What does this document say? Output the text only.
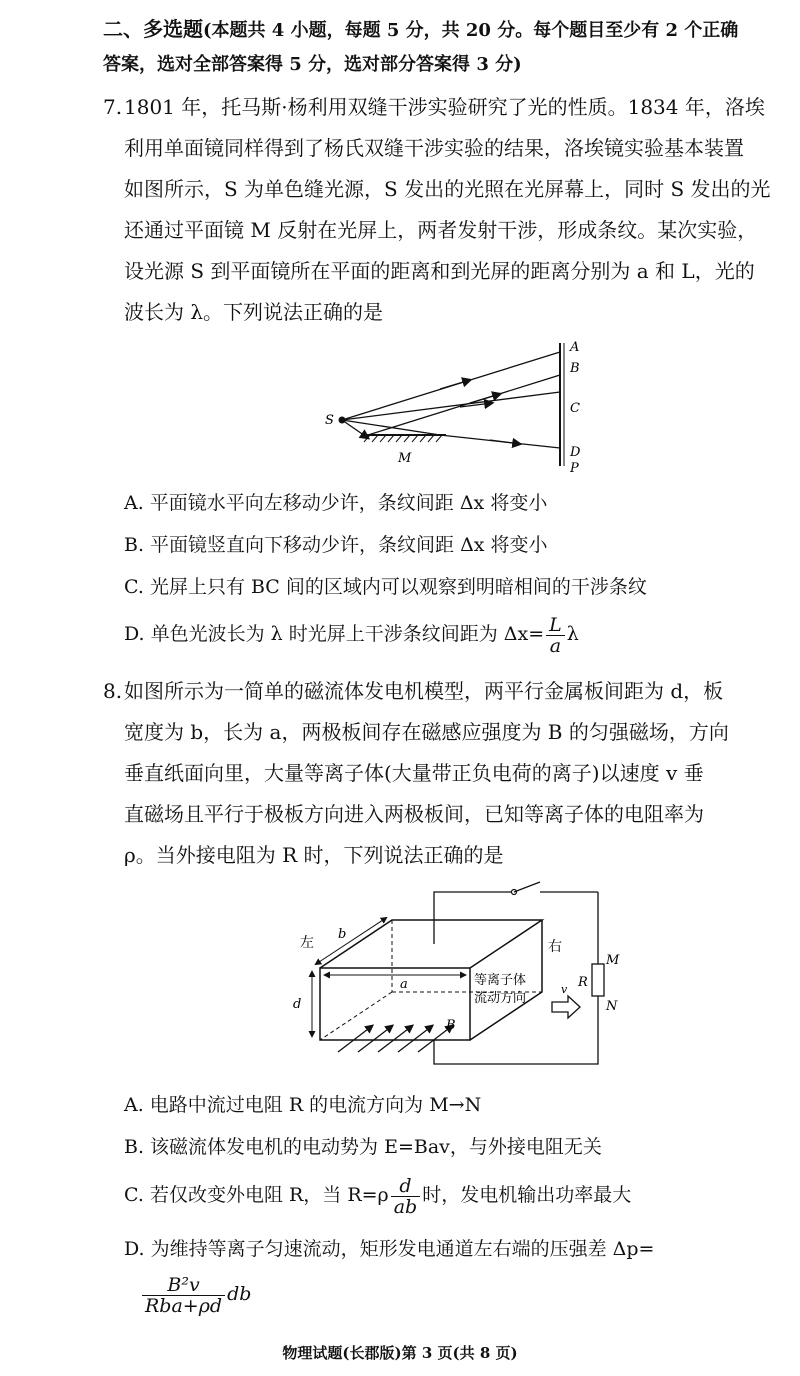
二、多选题(本题共 4 小题，每题 5 分，共 20 分。每个题目至少有 2 个正确
答案，选对全部答案得 5 分，选对部分答案得 3 分)
7. 1801 年，托马斯·杨利用双缝干涉实验研究了光的性质。1834 年，洛埃
利用单面镜同样得到了杨氏双缝干涉实验的结果，洛埃镜实验基本装置
如图所示，S 为单色缝光源，S 发出的光照在光屏幕上，同时 S 发出的光
还通过平面镜 M 反射在光屏上，两者发射干涉，形成条纹。某次实验，
设光源 S 到平面镜所在平面的距离和到光屏的距离分别为 a 和 L，光的
波长为 λ。下列说法正确的是
A
B
C
D
P
S
M
A. 平面镜水平向左移动少许，条纹间距 Δx 将变小
B. 平面镜竖直向下移动少许，条纹间距 Δx 将变小
C. 光屏上只有 BC 间的区域内可以观察到明暗相间的干涉条纹
D. 单色光波长为 λ 时光屏上干涉条纹间距为 $\Delta x= \frac{L}{a}$ λ
8. 如图所示为一简单的磁流体发电机模型，两平行金属板间距为 d，板
宽度为 b，长为 a，两极板间存在磁感应强度为 B 的匀强磁场，方向
垂直纸面向里，大量等离子体(大量带正负电荷的离子)以速度 v 垂
直磁场且平行于极板方向进入两极板间，已知等离子体的电阻率为
ρ。当外接电阻为 R 时，下列说法正确的是
b
左
a
d
B
等离子体
流动方向
右
v R
M
N
A. 电路中流过电阻 R 的电流方向为 M→N
B. 该磁流体发电机的电动势为 E=Bav，与外接电阻无关
C. 若仅改变外电阻 R，当 $R=\rho \frac{d}{ab}$ 时，发电机输出功率最大
D. 为维持等离子匀速流动，矩形发电通道左右端的压强差 Δp=
$\frac{\text{B²v}}{\text{Rba+ρd}}$ db
物理试题(长郡版)第 3 页(共 8 页)
